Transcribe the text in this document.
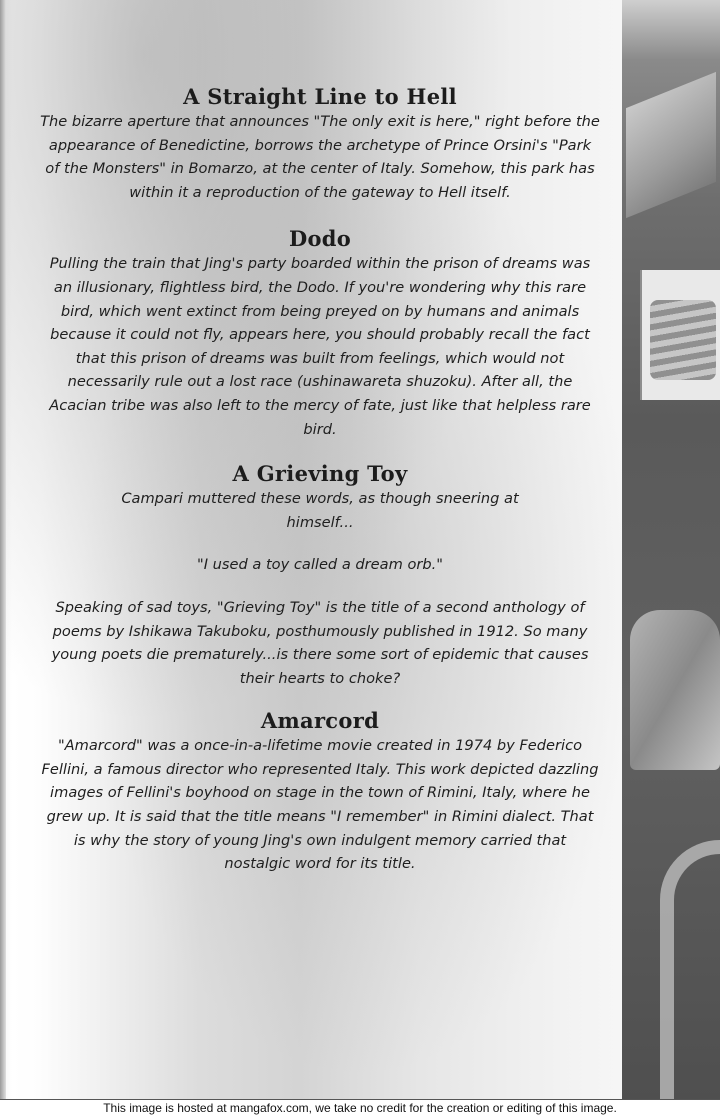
A Straight Line to Hell

The bizarre aperture that announces "The only exit is here," right before the appearance of Benedictine, borrows the archetype of Prince Orsini's "Park of the Monsters" in Bomarzo, at the center of Italy. Somehow, this park has within it a reproduction of the gateway to Hell itself.

Dodo

Pulling the train that Jing's party boarded within the prison of dreams was an illusionary, flightless bird, the Dodo. If you're wondering why this rare bird, which went extinct from being preyed on by humans and animals because it could not fly, appears here, you should probably recall the fact that this prison of dreams was built from feelings, which would not necessarily rule out a lost race (ushinawareta shuzoku). After all, the Acacian tribe was also left to the mercy of fate, just like that helpless rare bird.

A Grieving Toy

Campari muttered these words, as though sneering at himself...

"I used a toy called a dream orb."

Speaking of sad toys, "Grieving Toy" is the title of a second anthology of poems by Ishikawa Takuboku, posthumously published in 1912. So many young poets die prematurely...is there some sort of epidemic that causes their hearts to choke?

Amarcord

"Amarcord" was a once-in-a-lifetime movie created in 1974 by Federico Fellini, a famous director who represented Italy. This work depicted dazzling images of Fellini's boyhood on stage in the town of Rimini, Italy, where he grew up. It is said that the title means "I remember" in Rimini dialect. That is why the story of young Jing's own indulgent memory carried that nostalgic word for its title.

This image is hosted at mangafox.com, we take no credit for the creation or editing of this image.
